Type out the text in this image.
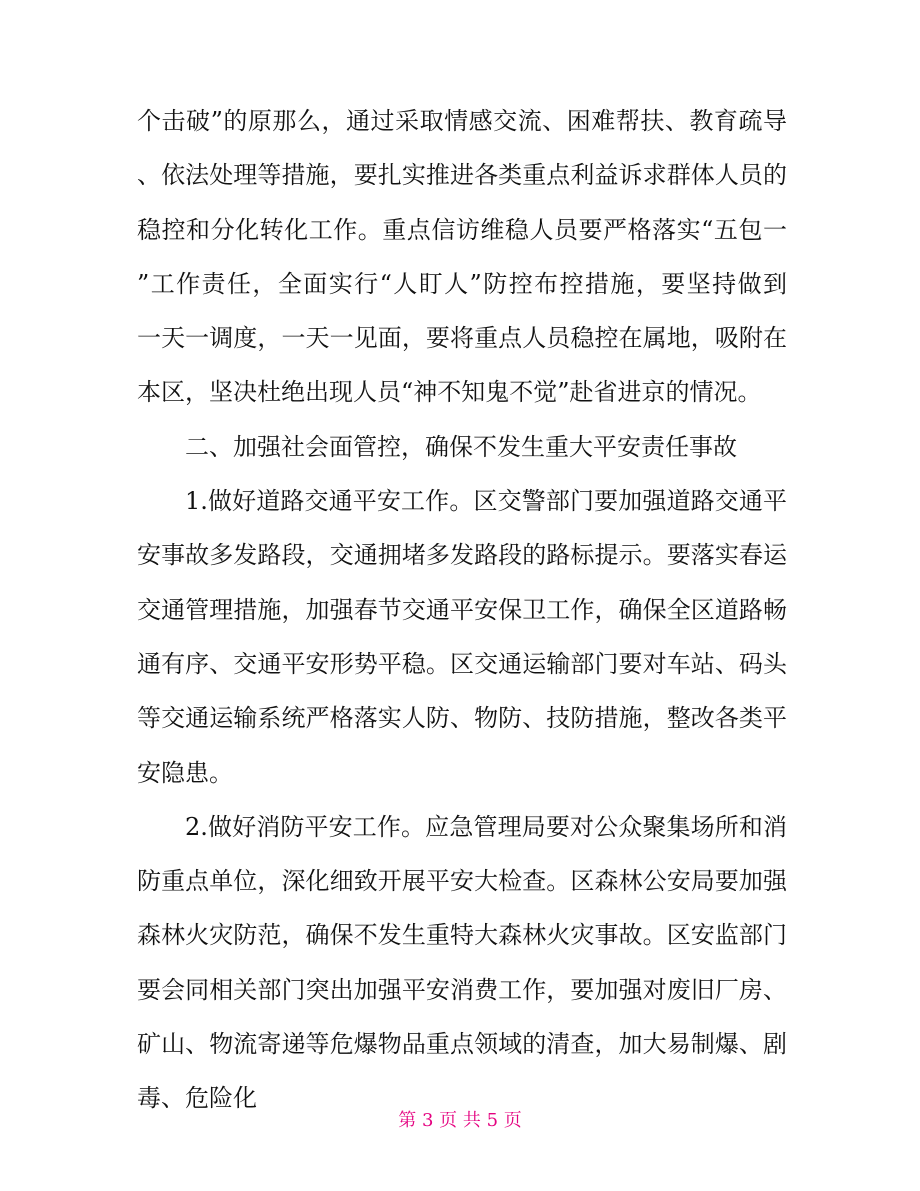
个击破”的原那么，通过采取情感交流、困难帮扶、教育疏导
、依法处理等措施，要扎实推进各类重点利益诉求群体人员的
稳控和分化转化工作。重点信访维稳人员要严格落实“五包一
”工作责任，全面实行“人盯人”防控布控措施，要坚持做到
一天一调度，一天一见面，要将重点人员稳控在属地，吸附在
本区，坚决杜绝出现人员“神不知鬼不觉”赴省进京的情况。
二、加强社会面管控，确保不发生重大平安责任事故
1.做好道路交通平安工作。区交警部门要加强道路交通平
安事故多发路段，交通拥堵多发路段的路标提示。要落实春运
交通管理措施，加强春节交通平安保卫工作，确保全区道路畅
通有序、交通平安形势平稳。区交通运输部门要对车站、码头
等交通运输系统严格落实人防、物防、技防措施，整改各类平
安隐患。
2.做好消防平安工作。应急管理局要对公众聚集场所和消
防重点单位，深化细致开展平安大检查。区森林公安局要加强
森林火灾防范，确保不发生重特大森林火灾事故。区安监部门
要会同相关部门突出加强平安消费工作，要加强对废旧厂房、
矿山、物流寄递等危爆物品重点领域的清查，加大易制爆、剧
毒、危险化
第 3 页 共 5 页
